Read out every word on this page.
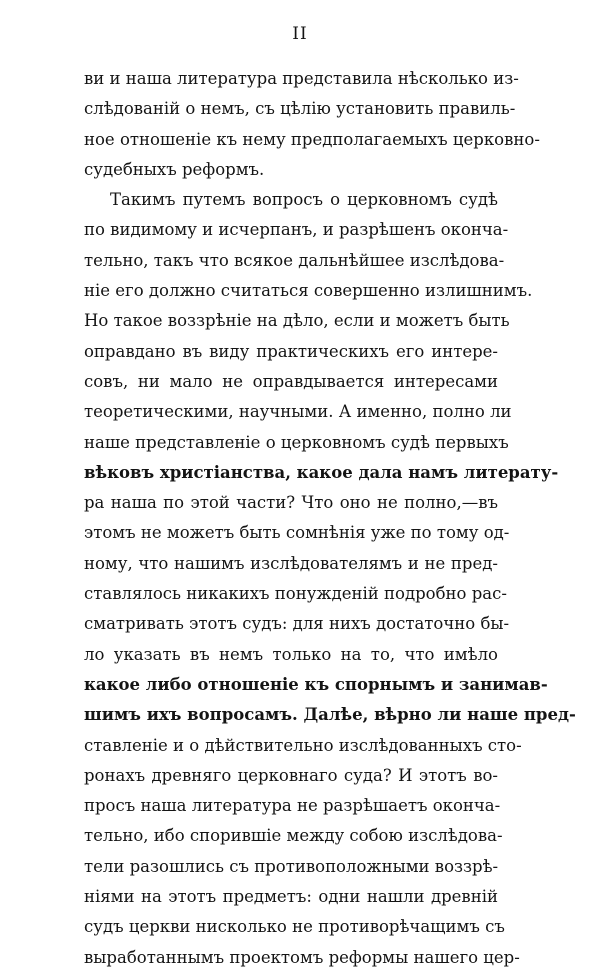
II
ви и наша литература представила нѣсколько из-
слѣдованій о немъ, съ цѣлію установить правиль-
ное отношеніе къ нему предполагаемыхъ церковно-
судебныхъ реформъ.
Такимъ путемъ вопросъ о церковномъ судѣ
по видимому и исчерпанъ, и разрѣшенъ оконча-
тельно, такъ что всякое дальнѣйшее изслѣдова-
ніе его должно считаться совершенно излишнимъ.
Но такое воззрѣніе на дѣло, если и можетъ быть
оправдано въ виду практическихъ его интере-
совъ, ни мало не оправдывается интересами
теоретическими, научными. А именно, полно ли
наше представленіе о церковномъ судѣ первыхъ
вѣковъ христіанства, какое дала намъ литерату-
ра наша по этой части? Что оно не полно,—въ
этомъ не можетъ быть сомнѣнія уже по тому од-
ному, что нашимъ изслѣдователямъ и не пред-
ставлялось никакихъ понужденій подробно рас-
сматривать этотъ судъ: для нихъ достаточно бы-
ло указать въ немъ только на то, что имѣло
какое либо отношеніе къ спорнымъ и занимав-
шимъ ихъ вопросамъ. Далѣе, вѣрно ли наше пред-
ставленіе и о дѣйствительно изслѣдованныхъ сто-
ронахъ древняго церковнаго суда? И этотъ во-
просъ наша литература не разрѣшаетъ оконча-
тельно, ибо спорившіе между собою изслѣдова-
тели разошлись съ противоположными воззрѣ-
ніями на этотъ предметъ: одни нашли древній
судъ церкви нисколько не противорѣчащимъ съ
выработаннымъ проектомъ реформы нашего цер-
